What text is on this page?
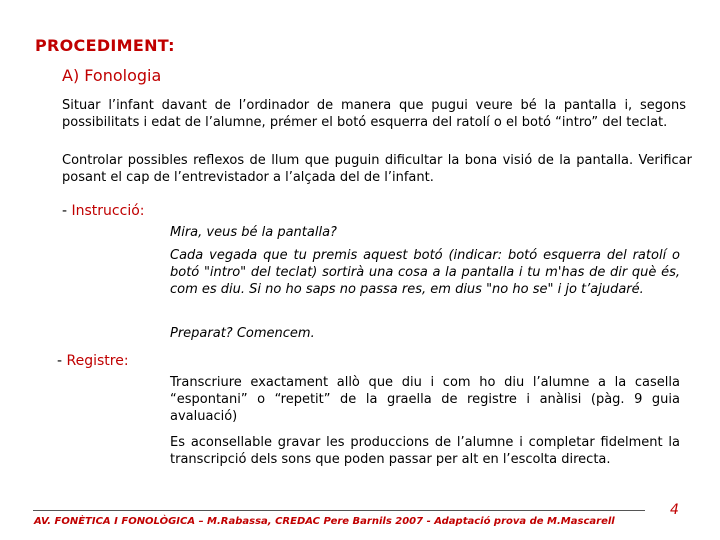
PROCEDIMENT:
A) Fonologia
Situar l’infant davant de l’ordinador de manera que pugui veure bé la pantalla i, segons possibilitats i edat de l’alumne, prémer el botó esquerra del ratolí o el botó “intro” del teclat.
Controlar possibles reflexos de llum que puguin dificultar la bona visió de la pantalla. Verificar posant el cap de l’entrevistador a l’alçada del de l’infant.
- Instrucció:
Mira, veus bé la pantalla?
Cada vegada que tu premis aquest botó (indicar: botó esquerra del ratolí o botó "intro" del teclat) sortirà una cosa a la pantalla i tu m'has de dir què és, com es diu. Si no ho saps no passa res, em dius "no ho se" i jo t’ajudaré.
Preparat? Comencem.
- Registre:
Transcriure exactament allò que diu i com ho diu l’alumne a la casella “espontani” o “repetit” de la graella de registre i anàlisi (pàg. 9 guia avaluació)
Es aconsellable gravar les produccions de l’alumne i completar fidelment la transcripció dels sons que poden passar per alt en l’escolta directa.
AV. FONÈTICA I FONOLÒGICA – M.Rabassa, CREDAC Pere Barnils 2007 - Adaptació prova de M.Mascarell
4
